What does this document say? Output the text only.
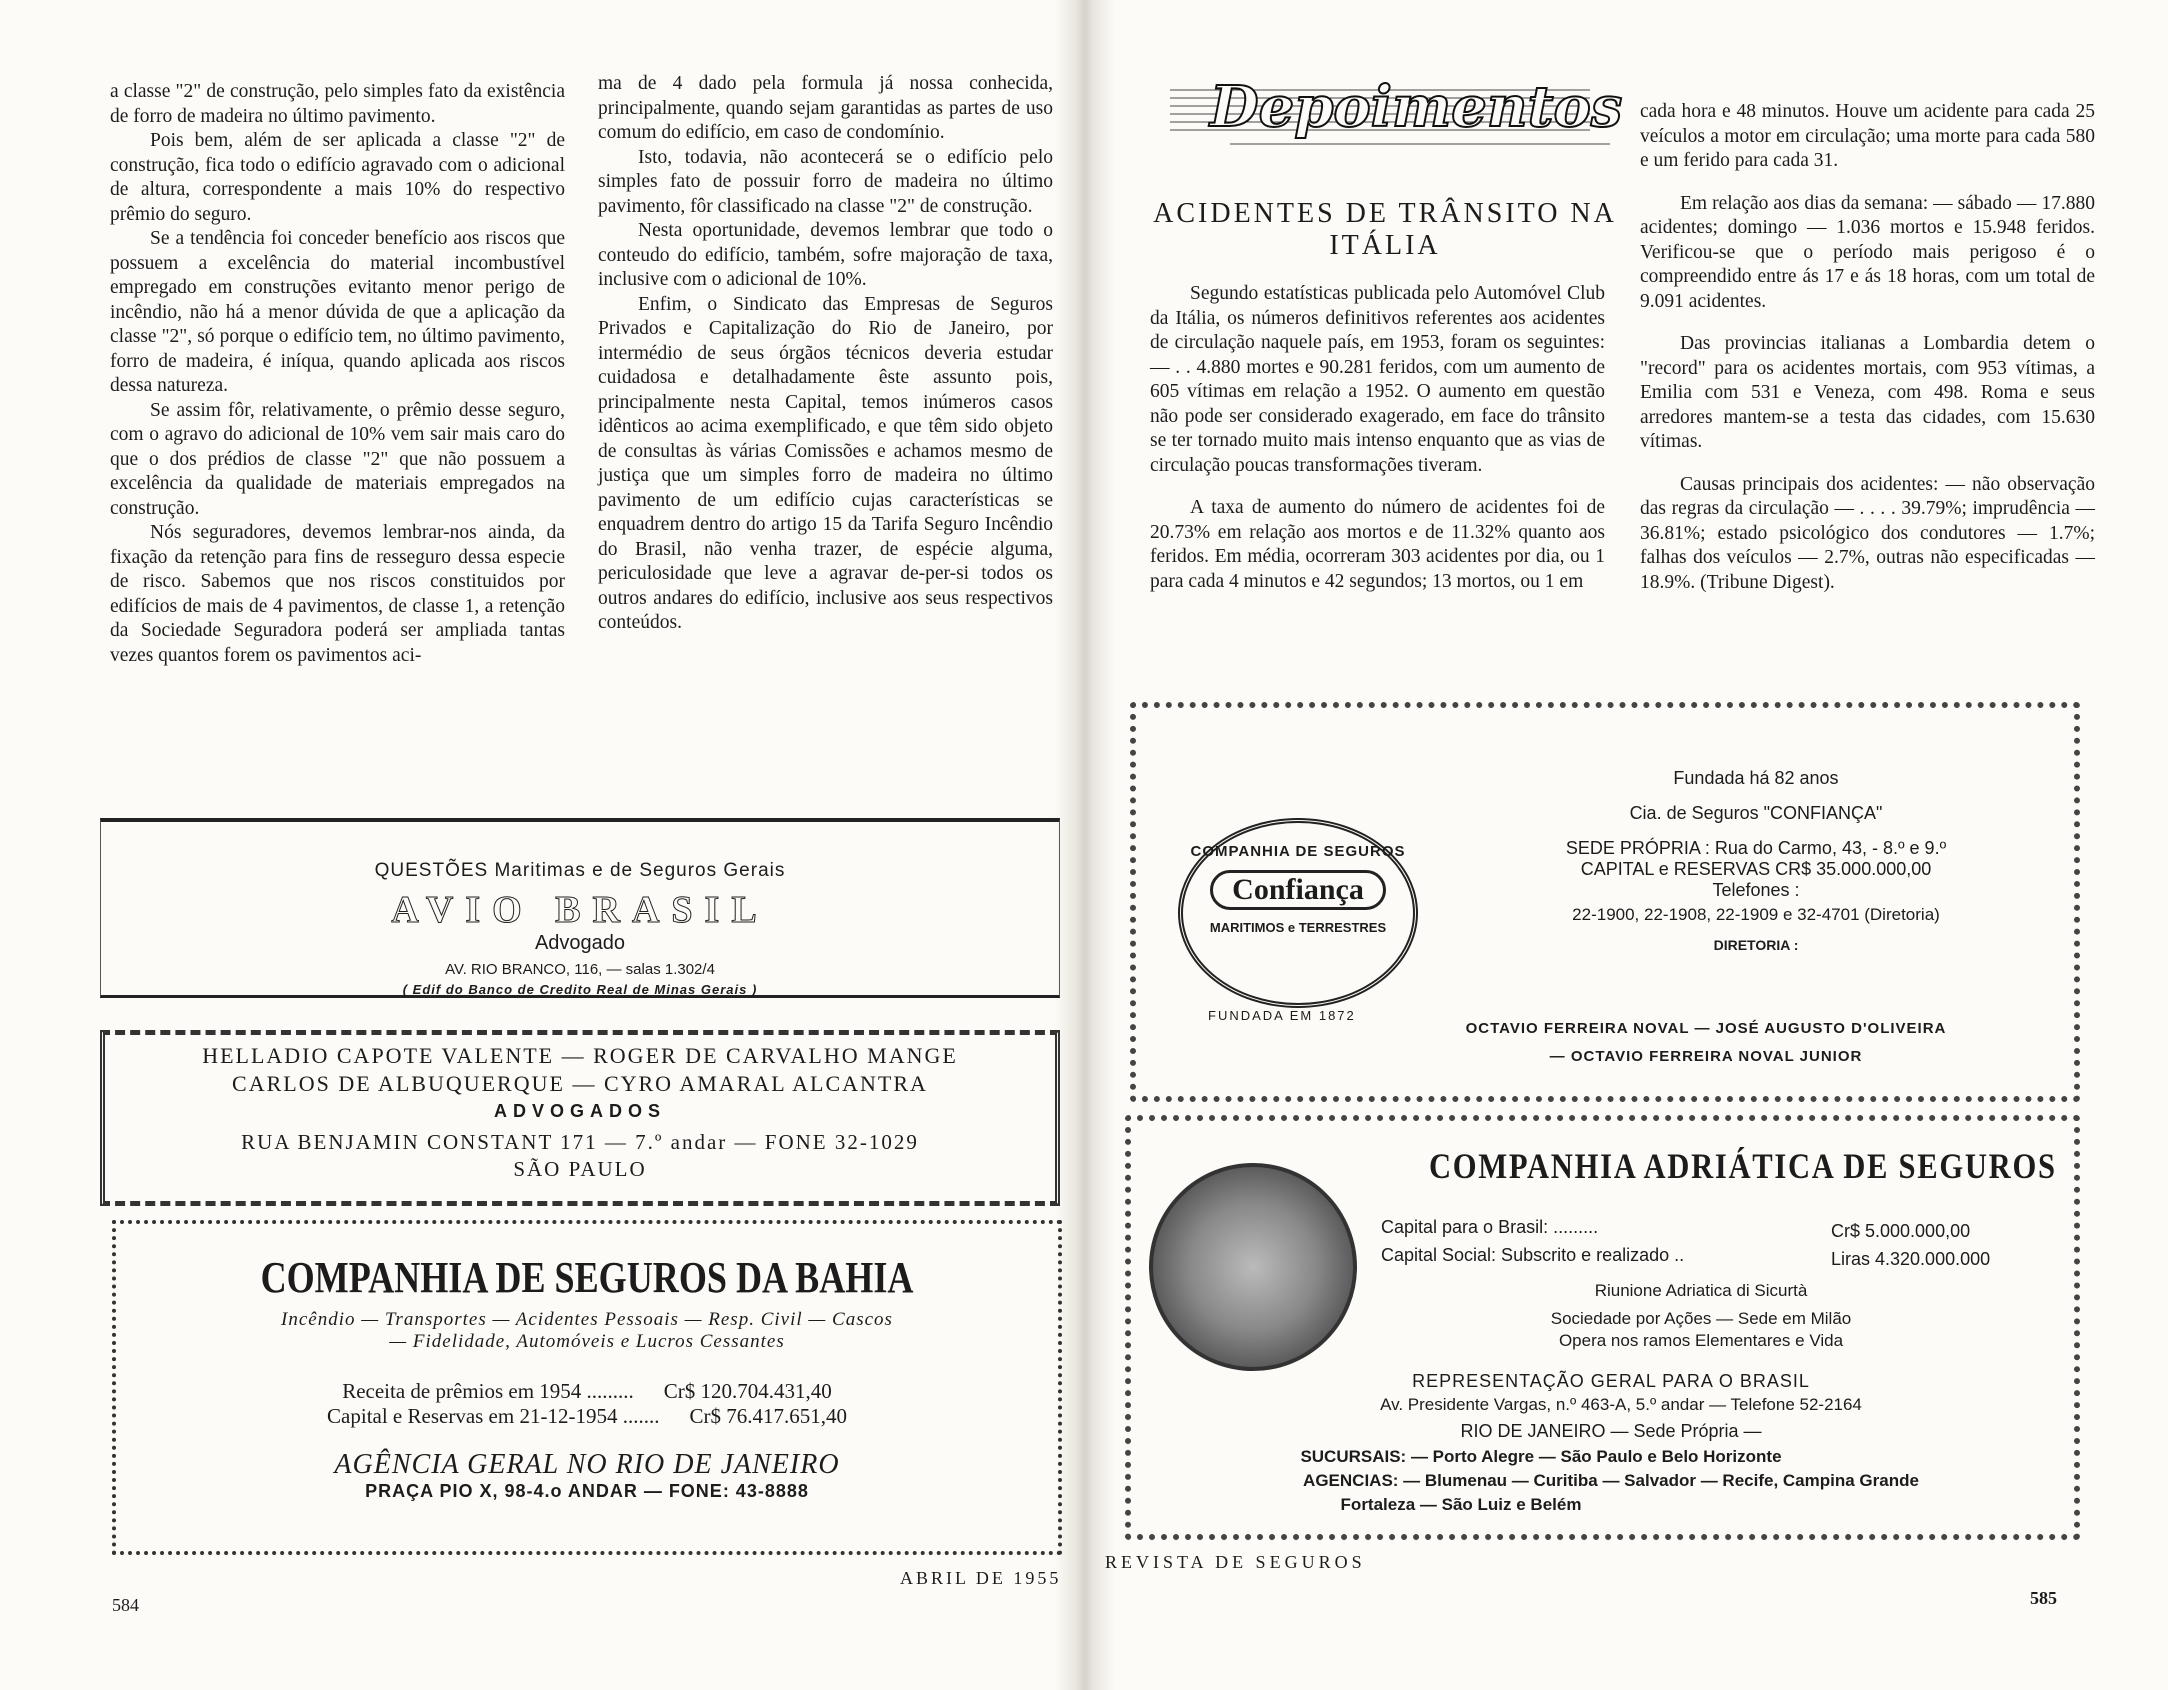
a classe "2" de construção, pelo simples fato da existência de forro de madeira no último pavimento.

Pois bem, além de ser aplicada a classe "2" de construção, fica todo o edifício agravado com o adicional de altura, correspondente a mais 10% do respectivo prêmio do seguro.

Se a tendência foi conceder benefício aos riscos que possuem a excelência do material incombustível empregado em construções evitanto menor perigo de incêndio, não há a menor dúvida de que a aplicação da classe "2", só porque o edifício tem, no último pavimento, forro de madeira, é iníqua, quando aplicada aos riscos dessa natureza.

Se assim fôr, relativamente, o prêmio desse seguro, com o agravo do adicional de 10% vem sair mais caro do que o dos prédios de classe "2" que não possuem a excelência da qualidade de materiais empregados na construção.

Nós seguradores, devemos lembrar-nos ainda, da fixação da retenção para fins de resseguro dessa especie de risco. Sabemos que nos riscos constituidos por edifícios de mais de 4 pavimentos, de classe 1, a retenção da Sociedade Seguradora poderá ser ampliada tantas vezes quantos forem os pavimentos aci-

ma de 4 dado pela formula já nossa conhecida, principalmente, quando sejam garantidas as partes de uso comum do edifício, em caso de condomínio.

Isto, todavia, não acontecerá se o edifício pelo simples fato de possuir forro de madeira no último pavimento, fôr classificado na classe "2" de construção.

Nesta oportunidade, devemos lembrar que todo o conteudo do edifício, também, sofre majoração de taxa, inclusive com o adicional de 10%.

Enfim, o Sindicato das Empresas de Seguros Privados e Capitalização do Rio de Janeiro, por intermédio de seus órgãos técnicos deveria estudar cuidadosa e detalhadamente êste assunto pois, principalmente nesta Capital, temos inúmeros casos idênticos ao acima exemplificado, e que têm sido objeto de consultas às várias Comissões e achamos mesmo de justiça que um simples forro de madeira no último pavimento de um edifício cujas características se enquadrem dentro do artigo 15 da Tarifa Seguro Incêndio do Brasil, não venha trazer, de espécie alguma, periculosidade que leve a agravar de-per-si todos os outros andares do edifício, inclusive aos seus respectivos conteúdos.

QUESTÕES Maritimas e de Seguros Gerais
AVIO BRASIL
Advogado
AV. RIO BRANCO, 116, — salas 1.302/4
( Edif do Banco de Credito Real de Minas Gerais )
HELLADIO CAPOTE VALENTE — ROGER DE CARVALHO MANGE
CARLOS DE ALBUQUERQUE — CYRO AMARAL ALCANTRA
ADVOGADOS
RUA BENJAMIN CONSTANT 171 — 7.º andar — FONE 32-1029
SÃO PAULO
COMPANHIA DE SEGUROS DA BAHIA
Incêndio — Transportes — Acidentes Pessoais — Resp. Civil — Cascos
— Fidelidade, Automóveis e Lucros Cessantes
Receita de prêmios em 1954 ......... Cr$ 120.704.431,40
Capital e Reservas em 21-12-1954 ....... Cr$ 76.417.651,40
AGÊNCIA GERAL NO RIO DE JANEIRO
PRAÇA PIO X, 98-4.o ANDAR — FONE: 43-8888
584
ABRIL DE 1955
Depoimentos
ACIDENTES DE TRÂNSITO NA ITÁLIA

Segundo estatísticas publicada pelo Automóvel Club da Itália, os números definitivos referentes aos acidentes de circulação naquele país, em 1953, foram os seguintes: — . . 4.880 mortes e 90.281 feridos, com um aumento de 605 vítimas em relação a 1952. O aumento em questão não pode ser considerado exagerado, em face do trânsito se ter tornado muito mais intenso enquanto que as vias de circulação poucas transformações tiveram.

A taxa de aumento do número de acidentes foi de 20.73% em relação aos mortos e de 11.32% quanto aos feridos. Em média, ocorreram 303 acidentes por dia, ou 1 para cada 4 minutos e 42 segundos; 13 mortos, ou 1 em

cada hora e 48 minutos. Houve um acidente para cada 25 veículos a motor em circulação; uma morte para cada 580 e um ferido para cada 31.

Em relação aos dias da semana: — sábado — 17.880 acidentes; domingo — 1.036 mortos e 15.948 feridos. Verificou-se que o período mais perigoso é o compreendido entre ás 17 e ás 18 horas, com um total de 9.091 acidentes.

Das provincias italianas a Lombardia detem o "record" para os acidentes mortais, com 953 vítimas, a Emilia com 531 e Veneza, com 498. Roma e seus arredores mantem-se a testa das cidades, com 15.630 vítimas.

Causas principais dos acidentes: — não observação das regras da circulação — . . . . 39.79%; imprudência — 36.81%; estado psicológico dos condutores — 1.7%; falhas dos veículos — 2.7%, outras não especificadas — 18.9%. (Tribune Digest).

COMPANHIA DE SEGUROS
Confiança
MARITIMOS e TERRESTRES
FUNDADA EM 1872
Fundada há 82 anos
Cia. de Seguros "CONFIANÇA"
SEDE PRÓPRIA : Rua do Carmo, 43, - 8.º e 9.º
CAPITAL e RESERVAS CR$ 35.000.000,00
Telefones :
22-1900, 22-1908, 22-1909 e 32-4701 (Diretoria)
DIRETORIA :
OCTAVIO FERREIRA NOVAL — JOSÉ AUGUSTO D'OLIVEIRA
— OCTAVIO FERREIRA NOVAL JUNIOR
COMPANHIA ADRIÁTICA DE SEGUROS
Capital para o Brasil: .........	Cr$ 5.000.000,00
Capital Social: Subscrito e realizado ..	Liras 4.320.000.000
Riunione Adriatica di Sicurtà
Sociedade por Ações — Sede em Milão
Opera nos ramos Elementares e Vida
REPRESENTAÇÃO GERAL PARA O BRASIL
Av. Presidente Vargas, n.º 463-A, 5.º andar — Telefone 52-2164
RIO DE JANEIRO — Sede Própria —
SUCURSAIS: — Porto Alegre — São Paulo e Belo Horizonte
AGENCIAS: — Blumenau — Curitiba — Salvador — Recife, Campina Grande
Fortaleza — São Luiz e Belém
REVISTA DE SEGUROS
585
